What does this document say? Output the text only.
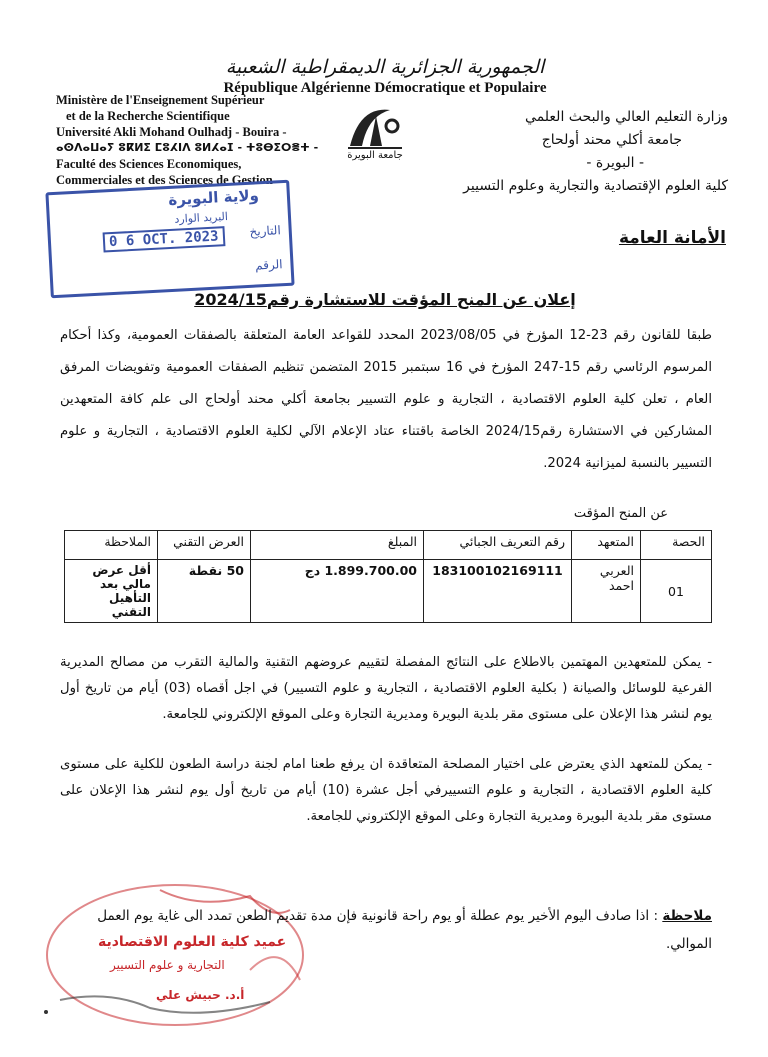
الجمهورية الجزائرية الديمقراطية الشعبية
République Algérienne Démocratique et Populaire
Ministère de l'Enseignement Supérieur
et de la Recherche Scientifique
Université Akli Mohand Oulhadj - Bouira -
ⴰⵙⴷⴰⵡⴰⵢ ⵓⴽⵍⵉ ⵎⵓⵃⵏⴷ ⵓⵍⵃⴰⵊ - ⵜⵓⴱⵉⵔⴻⵜ -
Faculté des Sciences Economiques,
Commerciales et des Sciences de Gestion
جامعة البويرة
وزارة التعليم العالي والبحث العلمي
جامعة أكلي محند أولحاج
- البويرة -
كلية العلوم الإقتصادية والتجارية وعلوم التسيير
ولاية البويرة
البريد الوارد
التاريخ
0 6 OCT. 2023
الرقم
الأمانة العامة
إعلان عن المنح المؤقت للاستشارة رقم2024/15
طبقا للقانون رقم 23-12 المؤرخ في 2023/08/05 المحدد للقواعد العامة المتعلقة بالصفقات العمومية، وكذا أحكام المرسوم الرئاسي رقم 15-247 المؤرخ في 16 سبتمبر 2015 المتضمن تنظيم الصفقات العمومية وتفويضات المرفق العام ، تعلن كلية العلوم الاقتصادية ، التجارية و علوم التسيير بجامعة أكلي محند أولحاج الى علم كافة المتعهدين المشاركين في الاستشارة رقم2024/15 الخاصة باقتناء عتاد الإعلام الآلي لكلية العلوم الاقتصادية ، التجارية و علوم التسيير بالنسبة لميزانية 2024.
عن المنح المؤقت
الحصة	المتعهد	رقم التعريف الجبائي	المبلغ	العرض التقني	الملاحظة
01	العربي احمد	183100102169111	1.899.700.00 دج	50 نقطة	أقل عرض مالي بعد التأهيل التقني
- يمكن للمتعهدين المهتمين بالاطلاع على النتائج المفصلة لتقييم عروضهم التقنية والمالية التقرب من مصالح المديرية الفرعية للوسائل والصيانة ( بكلية العلوم الاقتصادية ، التجارية و علوم التسيير) في اجل أقصاه (03) أيام من تاريخ أول يوم لنشر هذا الإعلان على مستوى مقر بلدية البويرة ومديرية التجارة وعلى الموقع الإلكتروني للجامعة.
- يمكن للمتعهد الذي يعترض على اختيار المصلحة المتعاقدة ان يرفع طعنا امام لجنة دراسة الطعون للكلية على مستوى كلية العلوم الاقتصادية ، التجارية و علوم التسييرفي أجل عشرة (10) أيام من تاريخ أول يوم لنشر هذا الإعلان على مستوى مقر بلدية البويرة ومديرية التجارة وعلى الموقع الإلكتروني للجامعة.
عميد كلية العلوم الاقتصادية
التجارية و علوم التسيير
أ.د. حبيش علي
ملاحظة : اذا صادف اليوم الأخير يوم عطلة أو يوم راحة قانونية فإن مدة تقديم الطعن تمدد الى غاية يوم العمل الموالي.
